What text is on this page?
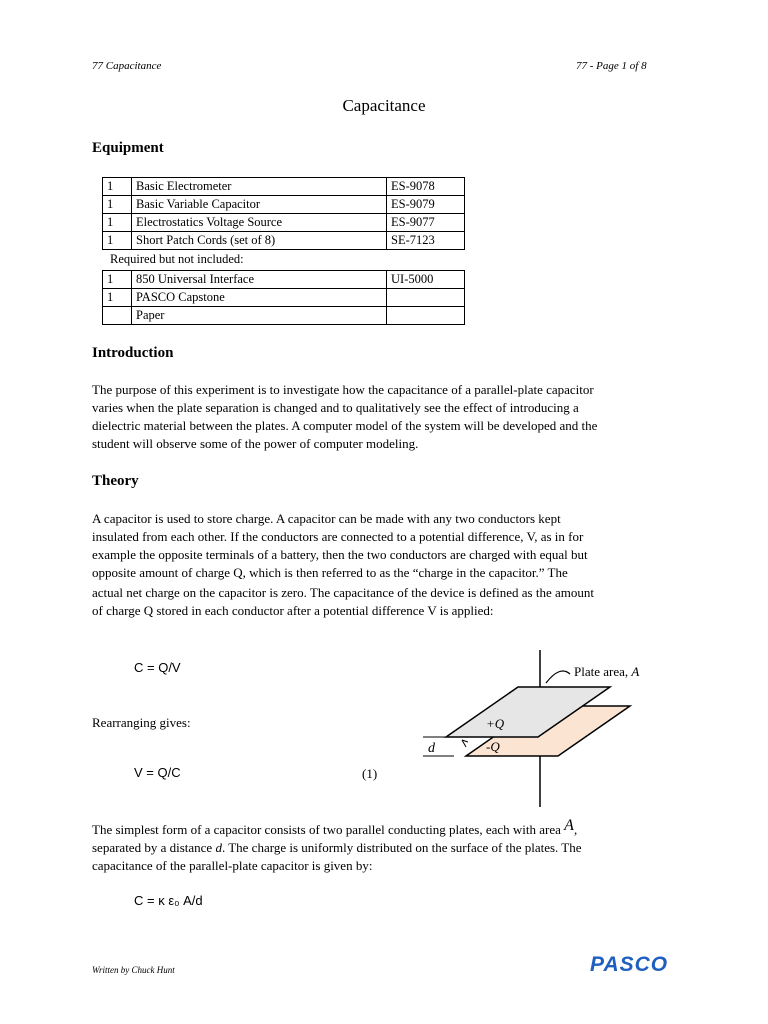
77 Capacitance	77 - Page 1 of 8
Capacitance
Equipment
1	Basic Electrometer	ES-9078
1	Basic Variable Capacitor	ES-9079
1	Electrostatics Voltage Source	ES-9077
1	Short Patch Cords (set of 8)	SE-7123
Required but not included:
1	850 Universal Interface	UI-5000
1	PASCO Capstone	
	Paper	
Introduction
The purpose of this experiment is to investigate how the capacitance of a parallel-plate capacitor
varies when the plate separation is changed and to qualitatively see the effect of introducing a
dielectric material between the plates. A computer model of the system will be developed and the
student will observe some of the power of computer modeling.
Theory
A capacitor is used to store charge. A capacitor can be made with any two conductors kept
insulated from each other. If the conductors are connected to a potential difference, V, as in for
example the opposite terminals of a battery, then the two conductors are charged with equal but
opposite amount of charge Q, which is then referred to as the “charge in the capacitor.” The
actual net charge on the capacitor is zero. The capacitance of the device is defined as the amount
of charge Q stored in each conductor after a potential difference V is applied:
C = Q/V
Rearranging gives:
V = Q/C	(1)
d
+Q
-Q
Plate area, A
The simplest form of a capacitor consists of two parallel conducting plates, each with area A,
separated by a distance d. The charge is uniformly distributed on the surface of the plates. The
capacitance of the parallel-plate capacitor is given by:
C = κ ε₀ A/d
Written by Chuck Hunt	PASCO
